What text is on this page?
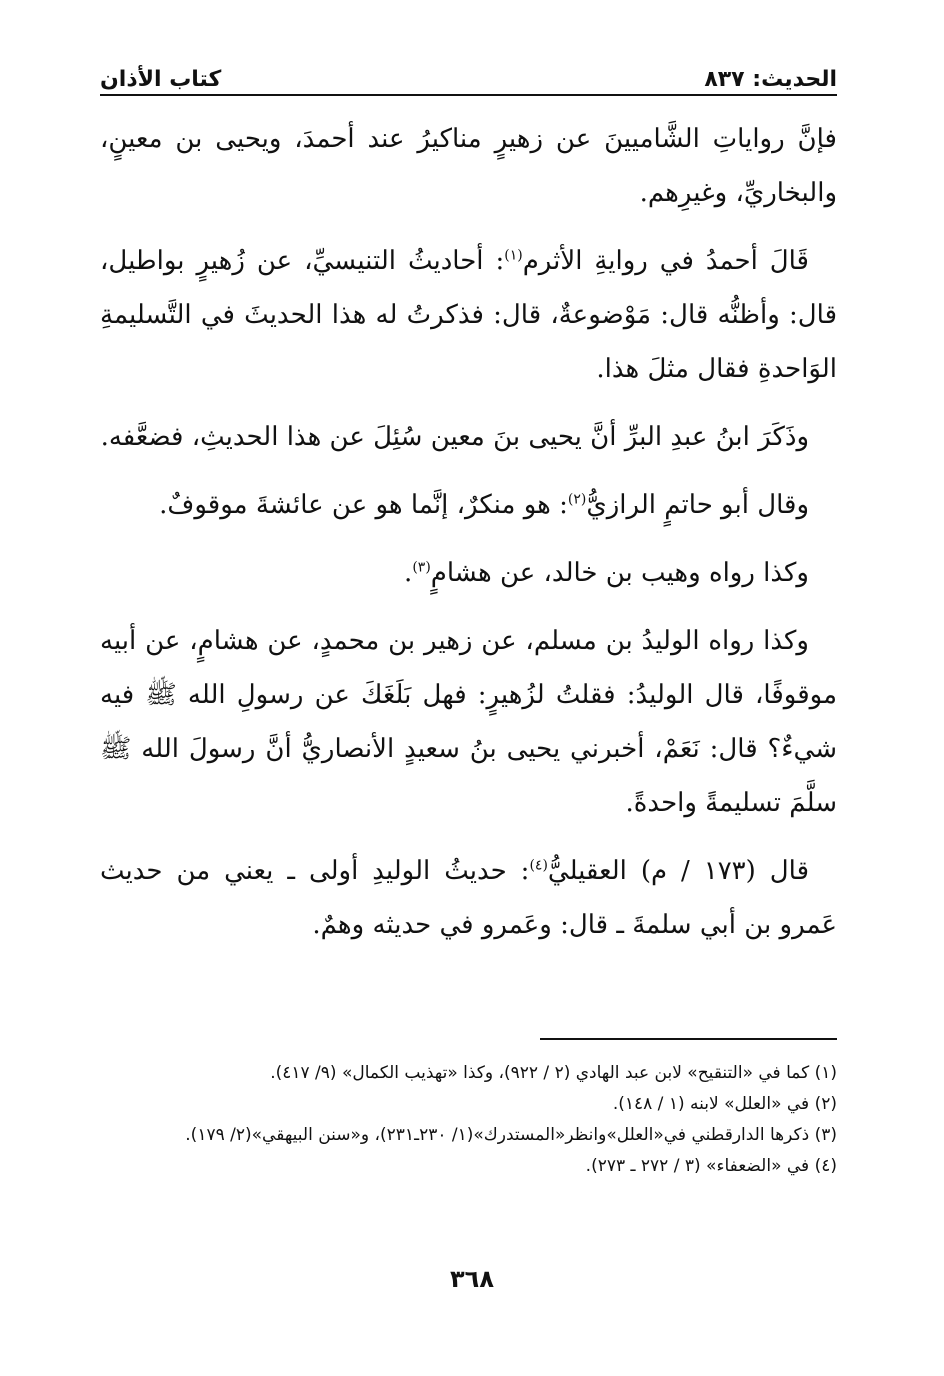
الحديث: ٨٣٧
كتاب الأذان

فإنَّ رواياتِ الشَّاميينَ عن زهيرٍ مناكيرُ عند أحمدَ، ويحيى بن معينٍ، والبخاريِّ، وغيرِهم.

قَالَ أحمدُ في روايةِ الأثرم$^{(١)}$: أحاديثُ التنيسيِّ، عن زُهيرٍ بواطيل، قال: وأظنُّه قال: مَوْضوعةٌ، قال: فذكرتُ له هذا الحديثَ في التَّسليمةِ الوَاحدةِ فقال مثلَ هذا.

وذَكَرَ ابنُ عبدِ البرِّ أنَّ يحيى بنَ معين سُئِلَ عن هذا الحديثِ، فضعَّفه.

وقال أبو حاتمٍ الرازيُّ$^{(٢)}$: هو منكرٌ، إنَّما هو عن عائشةَ موقوفٌ.

وكذا رواه وهيب بن خالد، عن هشامٍ$^{(٣)}$.

وكذا رواه الوليدُ بن مسلم، عن زهير بن محمدٍ، عن هشامٍ، عن أبيه موقوفًا، قال الوليدُ: فقلتُ لزُهيرٍ: فهل بَلَغَكَ عن رسولِ الله ﷺ فيه شيءٌ؟ قال: نَعَمْ، أخبرني يحيى بنُ سعيدٍ الأنصاريُّ أنَّ رسولَ الله ﷺ سلَّمَ تسليمةً واحدةً.

قال (١٧٣ / م) العقيليُّ$^{(٤)}$: حديثُ الوليدِ أولى ـ يعني من حديث عَمرو بن أبي سلمةَ ـ قال: وعَمرو في حديثه وهمٌ.

(١) كما في «التنقيح» لابن عبد الهادي (٢ / ٩٢٢)، وكذا «تهذيب الكمال» (٩/ ٤١٧).
(٢) في «العلل» لابنه (١ / ١٤٨).
(٣) ذكرها الدارقطني في«العلل»وانظر«المستدرك»(١/ ٢٣٠ـ٢٣١)، و«سنن البيهقي»(٢/ ١٧٩).
(٤) في «الضعفاء» (٣ / ٢٧٢ ـ ٢٧٣).
٣٦٨
